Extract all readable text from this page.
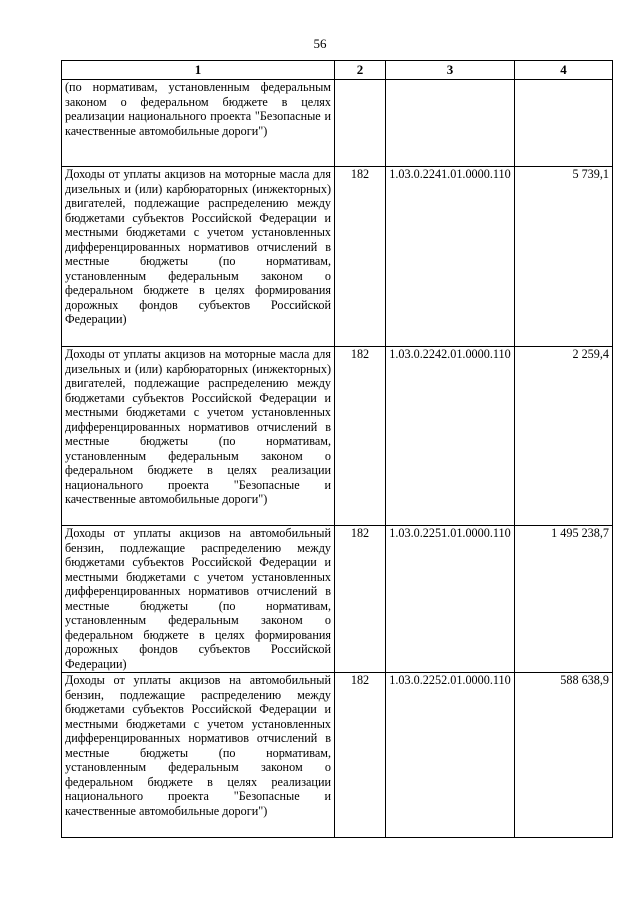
56
1	2	3	4
(по нормативам, установленным федеральным законом о федеральном бюджете в целях реализации национального проекта "Безопасные и качественные автомобильные дороги")			
Доходы от уплаты акцизов на моторные масла для дизельных и (или) карбюраторных (инжекторных) двигателей, подлежащие распределению между бюджетами субъектов Российской Федерации и местными бюджетами с учетом установленных дифференцированных нормативов отчислений в местные бюджеты (по нормативам, установленным федеральным законом о федеральном бюджете в целях формирования дорожных фондов субъектов Российской Федерации)	182	1.03.0.2241.01.0000.110	5 739,1
Доходы от уплаты акцизов на моторные масла для дизельных и (или) карбюраторных (инжекторных) двигателей, подлежащие распределению между бюджетами субъектов Российской Федерации и местными бюджетами с учетом установленных дифференцированных нормативов отчислений в местные бюджеты (по нормативам, установленным федеральным законом о федеральном бюджете в целях реализации национального проекта "Безопасные и качественные автомобильные дороги")	182	1.03.0.2242.01.0000.110	2 259,4
Доходы от уплаты акцизов на автомобильный бензин, подлежащие распределению между бюджетами субъектов Российской Федерации и местными бюджетами с учетом установленных дифференцированных нормативов отчислений в местные бюджеты (по нормативам, установленным федеральным законом о федеральном бюджете в целях формирования дорожных фондов субъектов Российской Федерации)	182	1.03.0.2251.01.0000.110	1 495 238,7
Доходы от уплаты акцизов на автомобильный бензин, подлежащие распределению между бюджетами субъектов Российской Федерации и местными бюджетами с учетом установленных дифференцированных нормативов отчислений в местные бюджеты (по нормативам, установленным федеральным законом о федеральном бюджете в целях реализации национального проекта "Безопасные и качественные автомобильные дороги")	182	1.03.0.2252.01.0000.110	588 638,9
